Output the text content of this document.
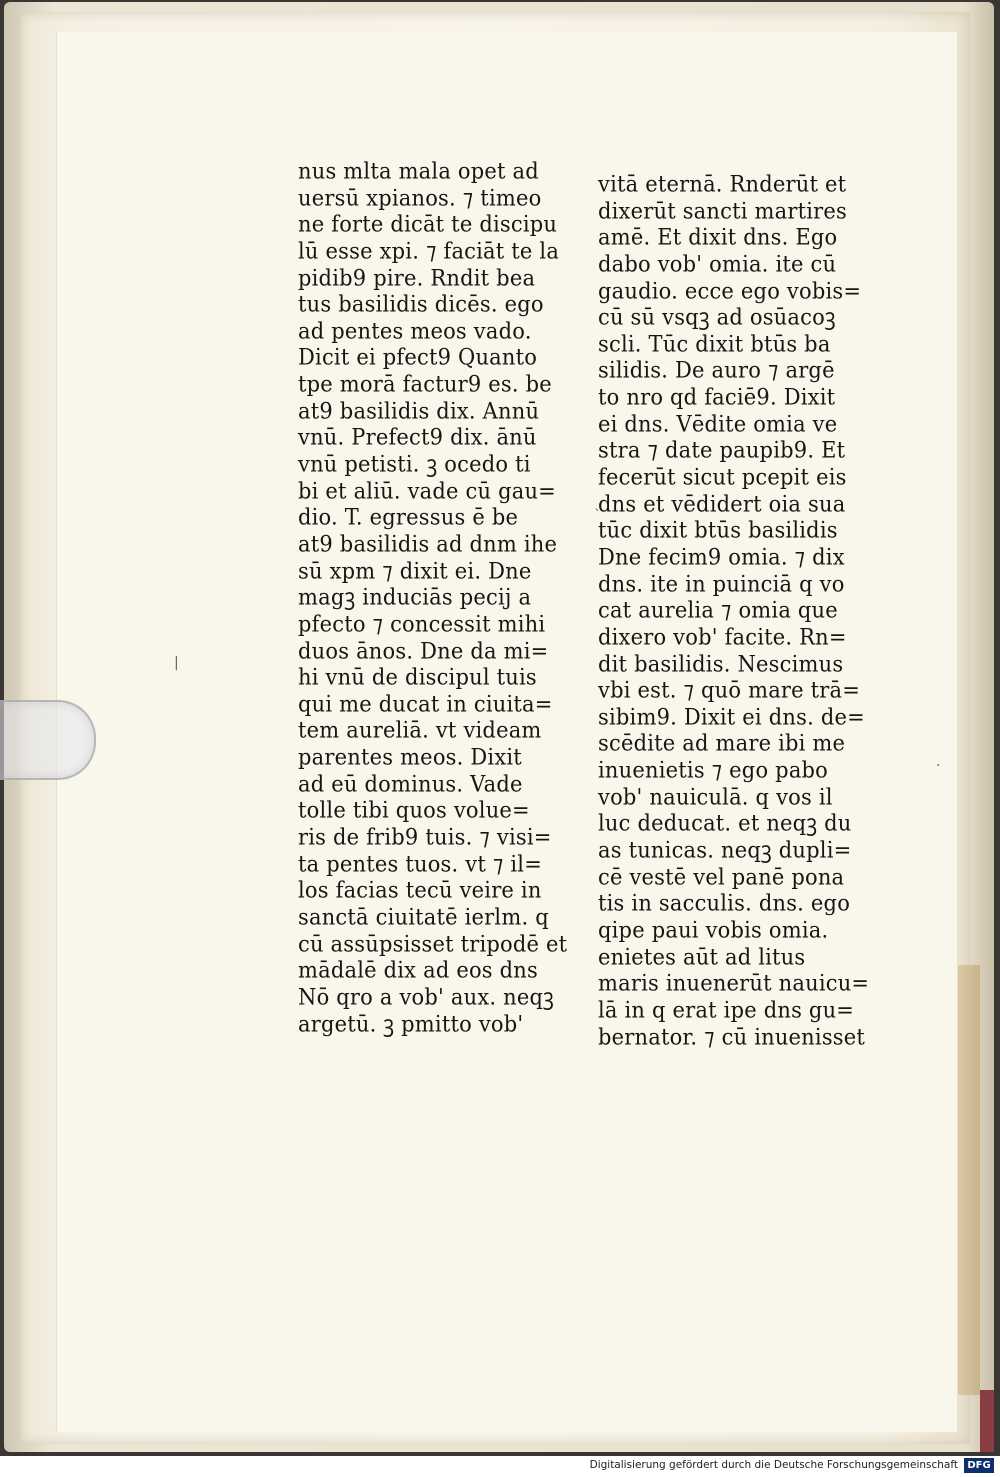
nus mlta mala opet ad
uersū xpianos. ⁊ timeo
ne forte dicāt te discipu
lū esse xpi. ⁊ faciāt te la
pidib9 pire. Rndit bea
tus basilidis dicēs. ego
ad pentes meos vado.
Dicit ei pfect9 Quanto
tpe morā factur9 es. be
at9 basilidis dix. Annū
vnū. Prefect9 dix. ānū
vnū petisti. ꝫ ocedo ti
bi et aliū. vade cū gau=
dio. T. egressus ē be
at9 basilidis ad dnm ihe
sū xpm ⁊ dixit ei. Dne
magꝫ induciās pecij a
pfecto ⁊ concessit mihi
duos ānos. Dne da mi=
hi vnū de discipul tuis
qui me ducat in ciuita=
tem aureliā. vt videam
parentes meos. Dixit
ad eū dominus. Vade
tolle tibi quos volue=
ris de frib9 tuis. ⁊ visi=
ta pentes tuos. vt ⁊ il=
los facias tecū veire in
sanctā ciuitatē ierlm. q
cū assūpsisset tripodē et
mādalē dix ad eos dns
Nō qro a vob' aux. neqꝫ
argetū. ꝫ pmitto vob'
vitā eternā. Rnderūt et
dixerūt sancti martires
amē. Et dixit dns. Ego
dabo vob' omia. ite cū
gaudio. ecce ego vobis=
cū sū vsqꝫ ad osūacoꝫ
scli. Tūc dixit btūs ba
silidis. De auro ⁊ argē
to nro qd faciē9. Dixit
ei dns. Vēdite omia ve
stra ⁊ date paupib9. Et
fecerūt sicut pcepit eis
dns et vēdidert oia sua
tūc dixit btūs basilidis
Dne fecim9 omia. ⁊ dix
dns. ite in puinciā q vo
cat aurelia ⁊ omia que
dixero vob' facite. Rn=
dit basilidis. Nescimus
vbi est. ⁊ quō mare trā=
sibim9. Dixit ei dns. de=
scēdite ad mare ibi me
inuenietis ⁊ ego pabo
vob' nauiculā. q vos il
luc deducat. et neqꝫ du
as tunicas. neqꝫ dupli=
cē vestē vel panē pona
tis in sacculis. dns. ego
qipe paui vobis omia.
enietes aūt ad litus
maris inuenerūt nauicu=
lā in q erat ipe dns gu=
bernator. ⁊ cū inuenisset
|
`
·
Digitalisierung gefördert durch die Deutsche Forschungsgemeinschaft DFG
